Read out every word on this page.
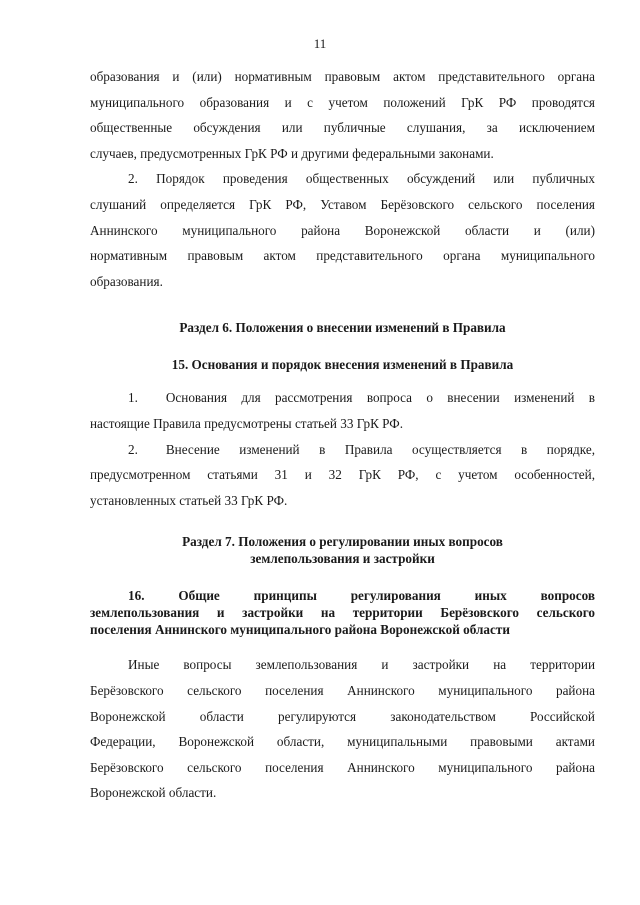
11

образования и (или) нормативным правовым актом представительного органа

муниципального образования и с учетом положений ГрК РФ проводятся

общественные обсуждения или публичные слушания, за исключением

случаев, предусмотренных ГрК РФ и другими федеральными законами.

2. Порядок проведения общественных обсуждений или публичных

слушаний определяется ГрК РФ, Уставом Берёзовского сельского поселения

Аннинского муниципального района Воронежской области и (или)

нормативным правовым актом представительного органа муниципального

образования.

Раздел 6. Положения о внесении изменений в Правила
15. Основания и порядок внесения изменений в Правила

1. Основания для рассмотрения вопроса о внесении изменений в

настоящие Правила предусмотрены статьей 33 ГрК РФ.

2. Внесение изменений в Правила осуществляется в порядке,

предусмотренном статьями 31 и 32 ГрК РФ, с учетом особенностей,

установленных статьей 33 ГрК РФ.

Раздел 7. Положения о регулировании иных вопросов
землепользования и застройки

16. Общие принципы регулирования иных вопросов

землепользования и застройки на территории Берёзовского сельского

поселения Аннинского муниципального района Воронежской области

Иные вопросы землепользования и застройки на территории

Берёзовского сельского поселения Аннинского муниципального района

Воронежской области регулируются законодательством Российской

Федерации, Воронежской области, муниципальными правовыми актами

Берёзовского сельского поселения Аннинского муниципального района

Воронежской области.
